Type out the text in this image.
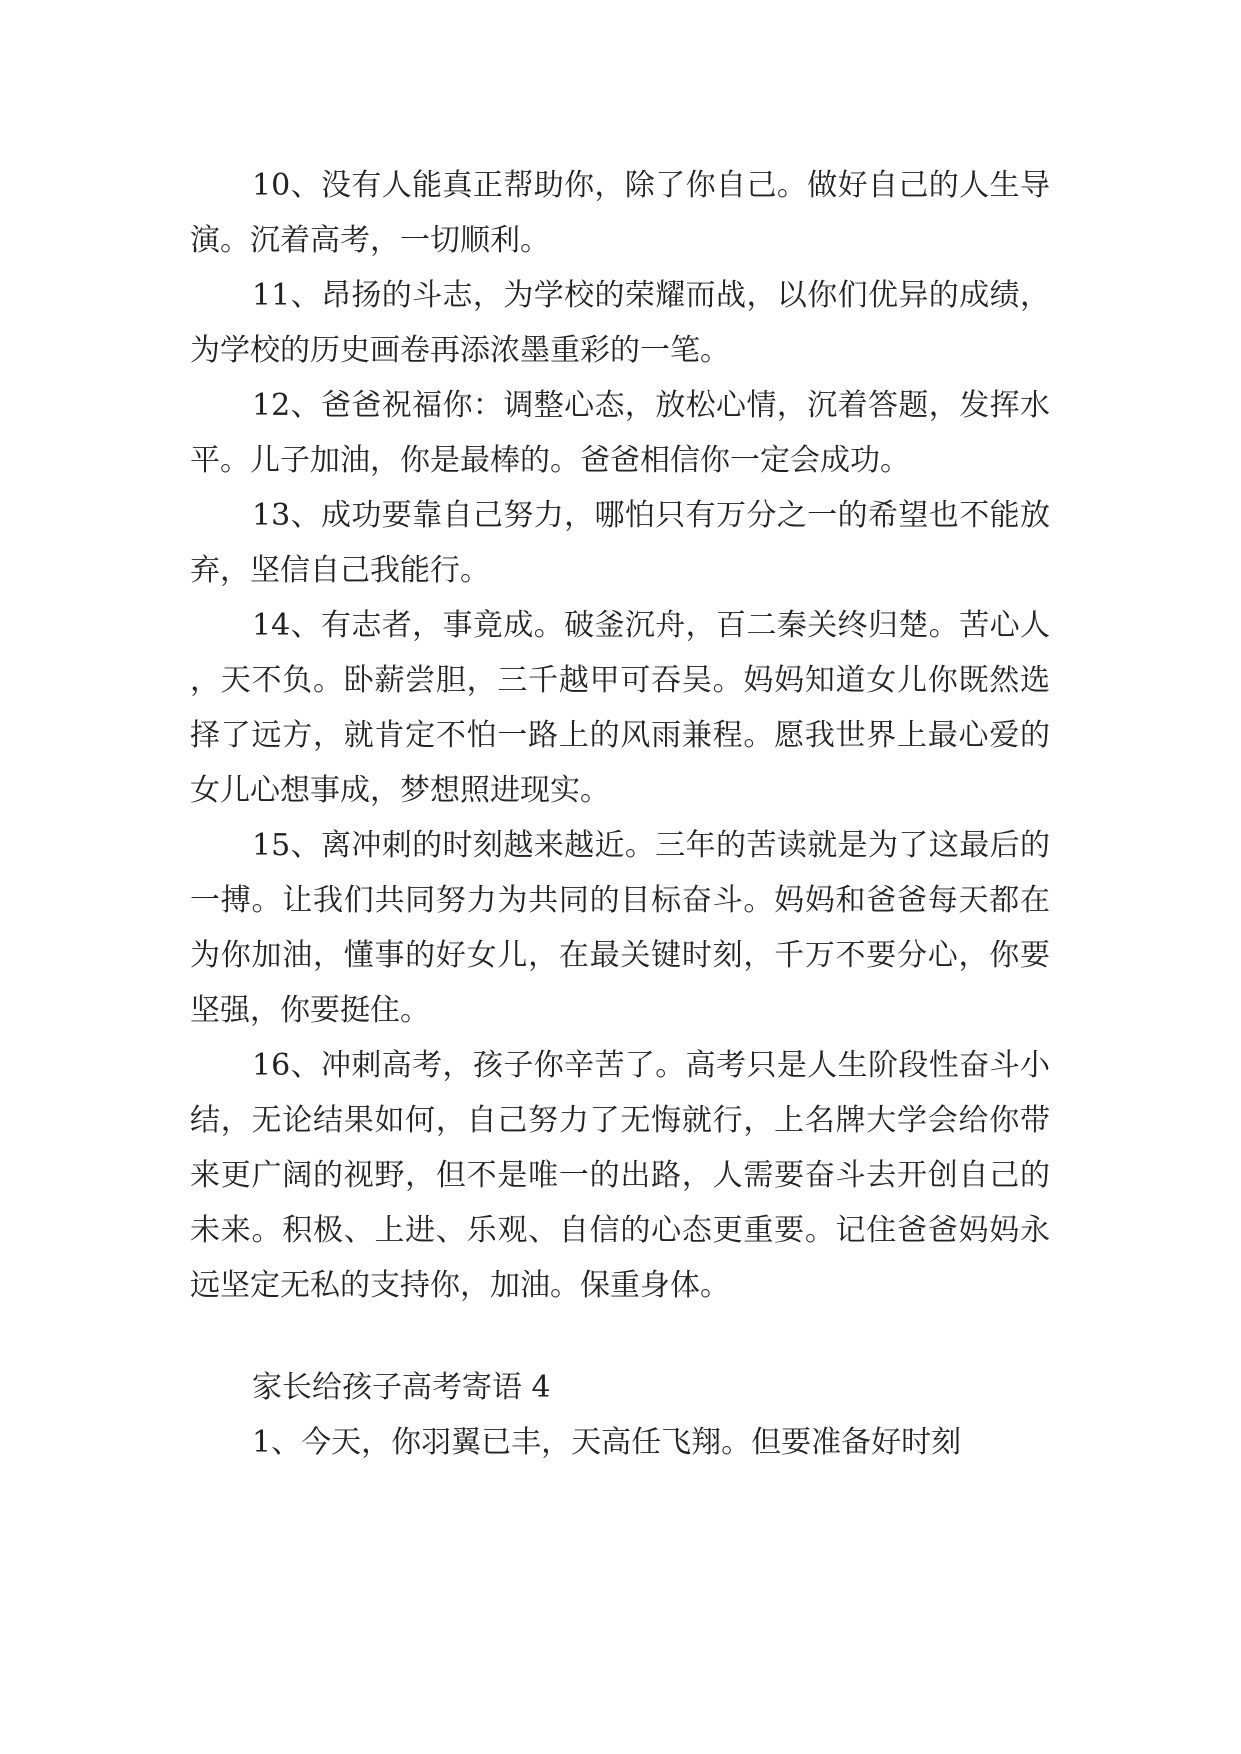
10、没有人能真正帮助你，除了你自己。做好自己的人生导演。沉着高考，一切顺利。

11、昂扬的斗志，为学校的荣耀而战，以你们优异的成绩，为学校的历史画卷再添浓墨重彩的一笔。

12、爸爸祝福你：调整心态，放松心情，沉着答题，发挥水平。儿子加油，你是最棒的。爸爸相信你一定会成功。

13、成功要靠自己努力，哪怕只有万分之一的希望也不能放弃，坚信自己我能行。

14、有志者，事竟成。破釜沉舟，百二秦关终归楚。苦心人，天不负。卧薪尝胆，三千越甲可吞吴。妈妈知道女儿你既然选择了远方，就肯定不怕一路上的风雨兼程。愿我世界上最心爱的女儿心想事成，梦想照进现实。

15、离冲刺的时刻越来越近。三年的苦读就是为了这最后的一搏。让我们共同努力为共同的目标奋斗。妈妈和爸爸每天都在为你加油，懂事的好女儿，在最关键时刻，千万不要分心，你要坚强，你要挺住。

16、冲刺高考，孩子你辛苦了。高考只是人生阶段性奋斗小结，无论结果如何，自己努力了无悔就行，上名牌大学会给你带来更广阔的视野，但不是唯一的出路，人需要奋斗去开创自己的未来。积极、上进、乐观、自信的心态更重要。记住爸爸妈妈永远坚定无私的支持你，加油。保重身体。

家长给孩子高考寄语 4

1、今天，你羽翼已丰，天高任飞翔。但要准备好时刻
